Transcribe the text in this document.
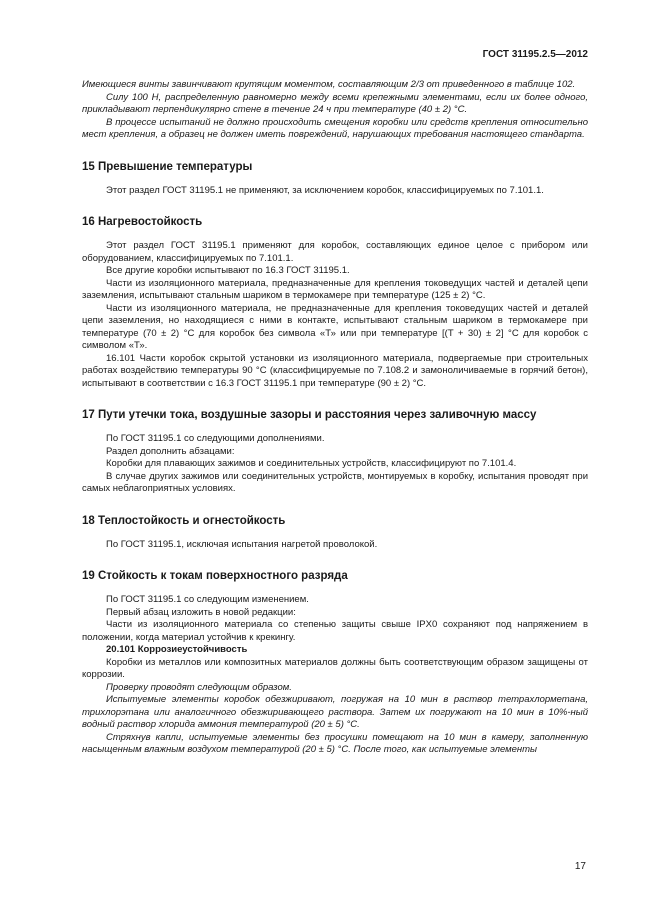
ГОСТ 31195.2.5—2012

Имеющиеся винты завинчивают крутящим моментом, составляющим 2/3 от приведенного в таблице 102.

Силу 100 Н, распределенную равномерно между всеми крепежными элементами, если их более одного, прикладывают перпендикулярно стене в течение 24 ч при температуре (40 ± 2) °С.

В процессе испытаний не должно происходить смещения коробки или средств крепления относительно мест крепления, а образец не должен иметь повреждений, нарушающих требования настоящего стандарта.

15 Превышение температуры

Этот раздел ГОСТ 31195.1 не применяют, за исключением коробок, классифицируемых по 7.101.1.

16 Нагревостойкость

Этот раздел ГОСТ 31195.1 применяют для коробок, составляющих единое целое с прибором или оборудованием, классифицируемых по 7.101.1.

Все другие коробки испытывают по 16.3 ГОСТ 31195.1.

Части из изоляционного материала, предназначенные для крепления токоведущих частей и деталей цепи заземления, испытывают стальным шариком в термокамере при температуре (125 ± 2) °С.

Части из изоляционного материала, не предназначенные для крепления токоведущих частей и деталей цепи заземления, но находящиеся с ними в контакте, испытывают стальным шариком в термокамере при температуре (70 ± 2) °С для коробок без символа «Т» или при температуре [(T + 30) ± 2] °С для коробок с символом «Т».

16.101 Части коробок скрытой установки из изоляционного материала, подвергаемые при строительных работах воздействию температуры 90 °С (классифицируемые по 7.108.2 и замоноличиваемые в горячий бетон), испытывают в соответствии с 16.3 ГОСТ 31195.1 при температуре (90 ± 2) °С.

17 Пути утечки тока, воздушные зазоры и расстояния через заливочную массу

По ГОСТ 31195.1 со следующими дополнениями.

Раздел дополнить абзацами:

Коробки для плавающих зажимов и соединительных устройств, классифицируют по 7.101.4.

В случае других зажимов или соединительных устройств, монтируемых в коробку, испытания проводят при самых неблагоприятных условиях.

18 Теплостойкость и огнестойкость

По ГОСТ 31195.1, исключая испытания нагретой проволокой.

19 Стойкость к токам поверхностного разряда

По ГОСТ 31195.1 со следующим изменением.

Первый абзац изложить в новой редакции:

Части из изоляционного материала со степенью защиты свыше IPX0 сохраняют под напряжением в положении, когда материал устойчив к крекингу.

20.101 Коррозиеустойчивость

Коробки из металлов или композитных материалов должны быть соответствующим образом защищены от коррозии.

Проверку проводят следующим образом.

Испытуемые элементы коробок обезжиривают, погружая на 10 мин в раствор тетрахлорметана, трихлорэтана или аналогичного обезжиривающего раствора. Затем их погружают на 10 мин в 10%-ный водный раствор хлорида аммония температурой (20 ± 5) °С.

Стряхнув капли, испытуемые элементы без просушки помещают на 10 мин в камеру, заполненную насыщенным влажным воздухом температурой (20 ± 5) °С. После того, как испытуемые элементы

17
